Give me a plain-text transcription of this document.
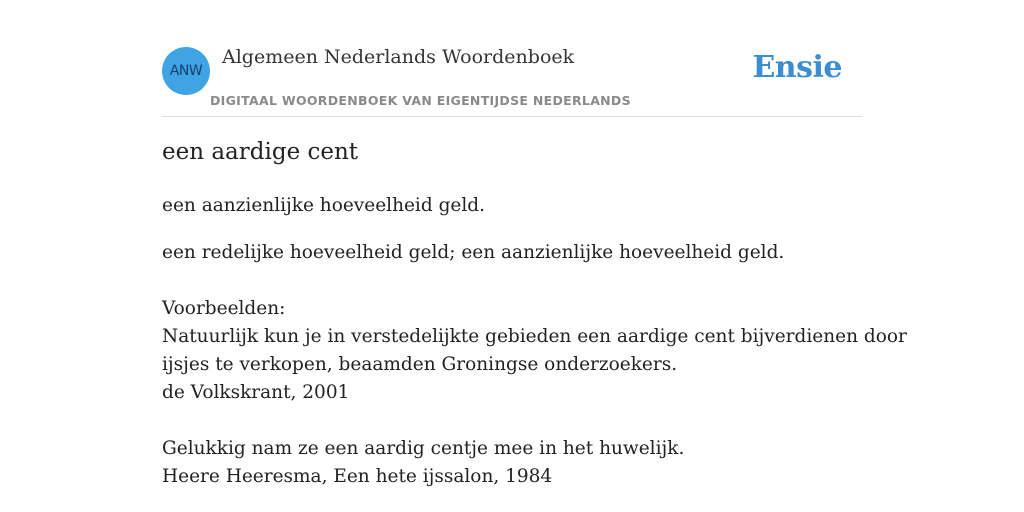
ANW
Algemeen Nederlands Woordenboek
DIGITAAL WOORDENBOEK VAN EIGENTIJDSE NEDERLANDS
Ensie
een aardige cent
een aanzienlijke hoeveelheid geld.
een redelijke hoeveelheid geld; een aanzienlijke hoeveelheid geld.
Voorbeelden:
Natuurlijk kun je in verstedelijkte gebieden een aardige cent bijverdienen door
ijsjes te verkopen, beaamden Groningse onderzoekers.
de Volkskrant, 2001
Gelukkig nam ze een aardig centje mee in het huwelijk.
Heere Heeresma, Een hete ijssalon, 1984
